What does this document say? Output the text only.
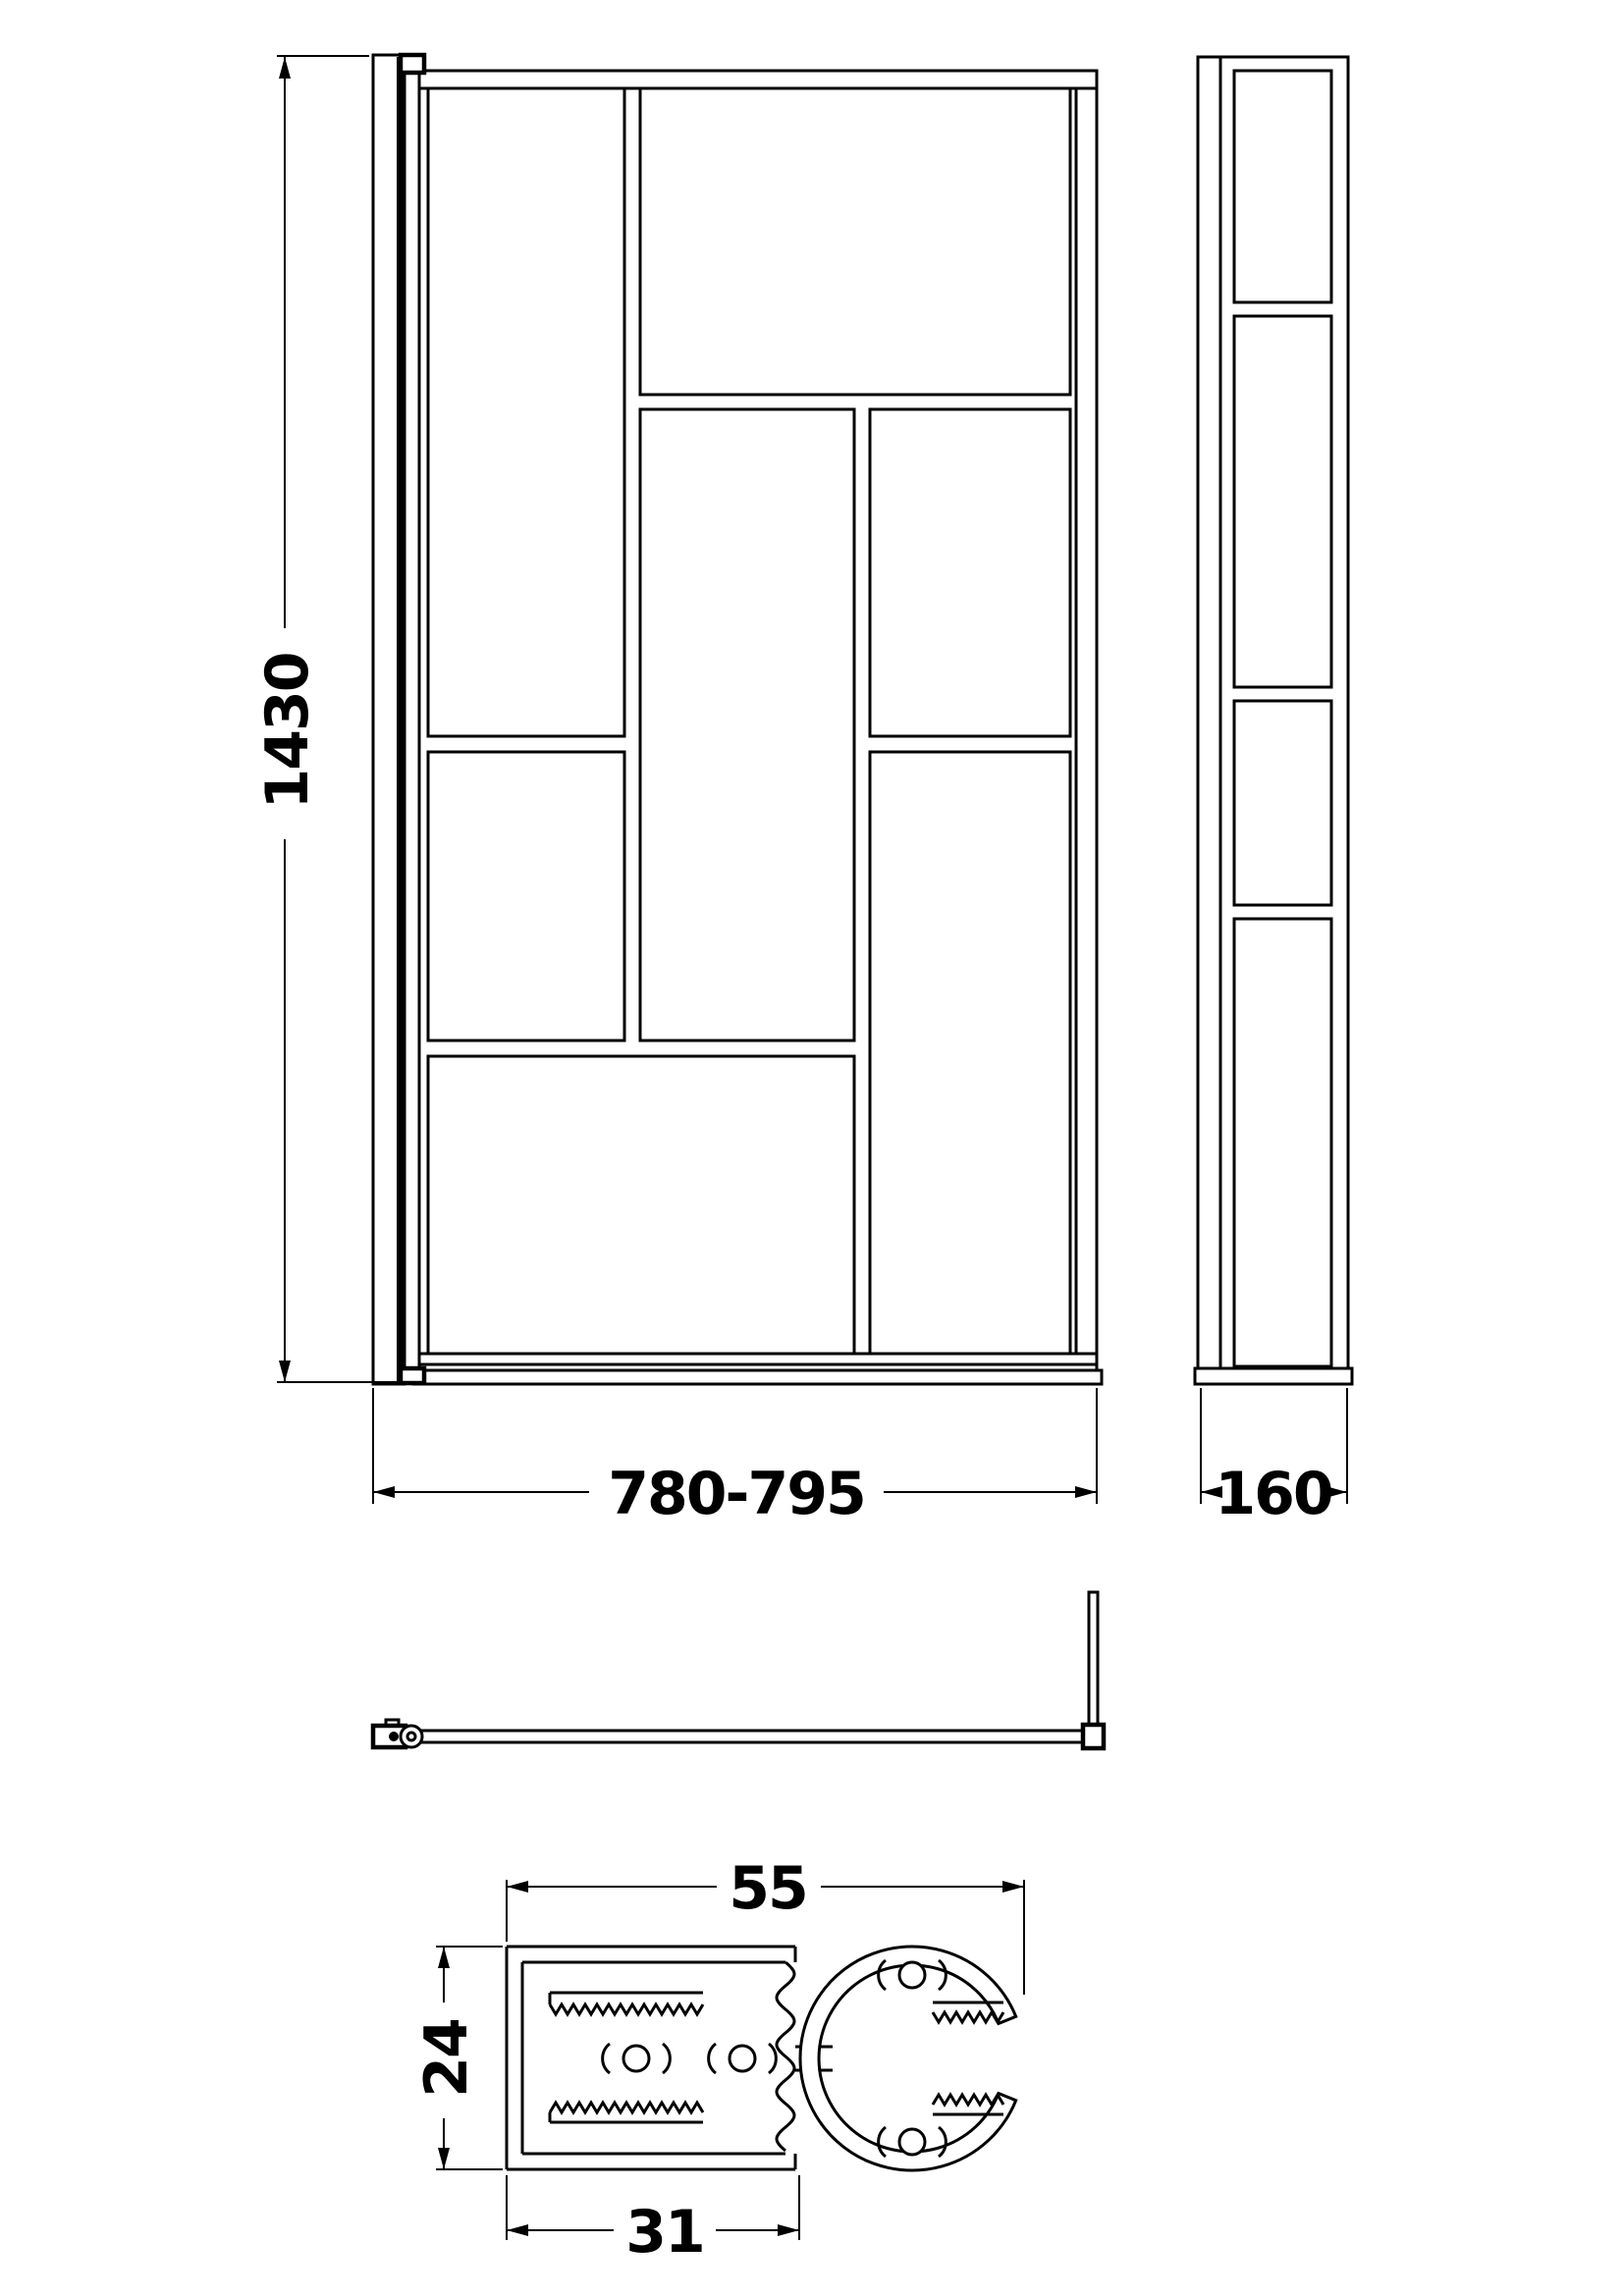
1430
780-795	160
55
24
31
